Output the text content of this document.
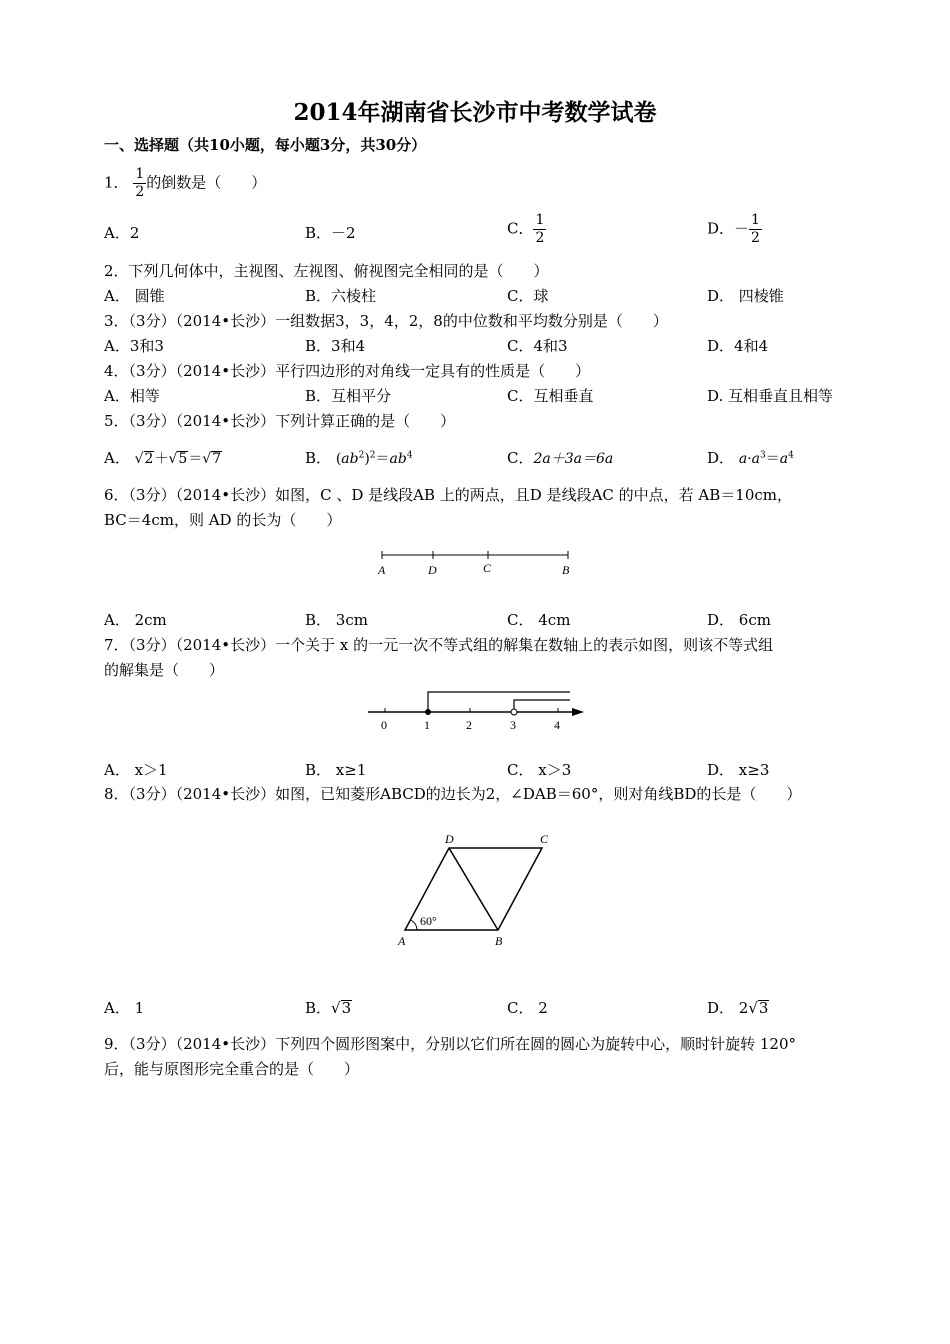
2014年湖南省长沙市中考数学试卷
一、选择题（共10小题，每小题3分，共30分）
1． $\frac{1}{2}$ 的倒数是（　　）
A．2	B．－2	C． $\frac{1}{2}$	D．－ $\frac{1}{2}$
2．下列几何体中，主视图、左视图、俯视图完全相同的是（　　）
A． 圆锥	B．六棱柱	C．球	D． 四棱锥
3．（3分）（2014•长沙）一组数据3，3，4，2，8的中位数和平均数分别是（　　）
A．3和3	B．3和4	C．4和3	D．4和4
4．（3分）（2014•长沙）平行四边形的对角线一定具有的性质是（　　）
A．相等	B．互相平分	C．互相垂直	D. 互相垂直且相等
5．（3分）（2014•长沙）下列计算正确的是（　　）
A． √2＋√5＝√7	B． $(ab^2)^2=ab^4$	C．2a＋3a＝6a	D． $a\cdot a^3=a^4$
6．（3分）（2014•长沙）如图，C 、D 是线段AB 上的两点，且D 是线段AC 的中点，若 AB＝10cm，
BC＝4cm，则 AD 的长为（　　）
A	D	C	B
A． 2cm	B． 3cm	C． 4cm	D． 6cm
7．（3分）（2014•长沙）一个关于 x 的一元一次不等式组的解集在数轴上的表示如图，则该不等式组
的解集是（　　）
0	1	2	3	4
A． x＞1	B． x≥1	C． x＞3	D． x≥3
8．（3分）（2014•长沙）如图，已知菱形ABCD的边长为2，∠DAB＝60°，则对角线BD的长是（　　）
60°
A	B
C
D
A． 1	B．√3	C． 2	D． 2√3
9．（3分）（2014•长沙）下列四个圆形图案中，分别以它们所在圆的圆心为旋转中心，顺时针旋转 120°
后，能与原图形完全重合的是（　　）
